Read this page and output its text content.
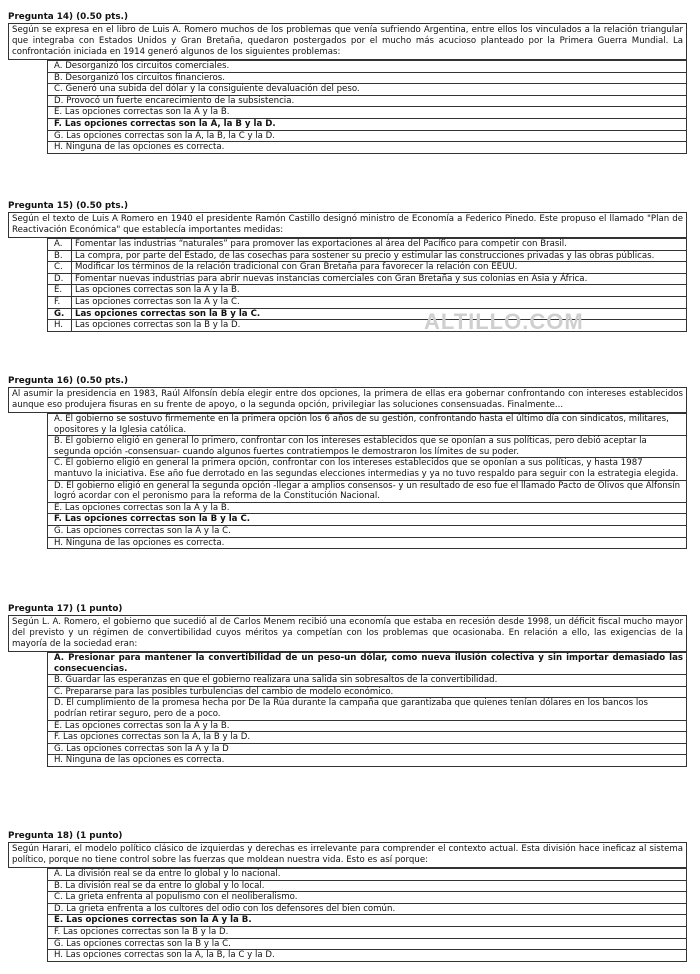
Pregunta 14) (0.50 pts.)

Según se expresa en el libro de Luis A. Romero muchos de los problemas que venía sufriendo Argentina, entre ellos los vinculados a la relación triangular que integraba con Estados Unidos y Gran Bretaña, quedaron postergados por el mucho más acucioso planteado por la Primera Guerra Mundial. La confrontación iniciada en 1914 generó algunos de los siguientes problemas:

A. Desorganizó los circuitos comerciales.
B. Desorganizó los circuitos financieros.
C. Generó una subida del dólar y la consiguiente devaluación del peso.
D. Provocó un fuerte encarecimiento de la subsistencia.
E. Las opciones correctas son la A y la B.
F. Las opciones correctas son la A, la B y la D.
G. Las opciones correctas son la A, la B, la C y la D.
H. Ninguna de las opciones es correcta.
Pregunta 15) (0.50 pts.)

Según el texto de Luis A Romero en 1940 el presidente Ramón Castillo designó ministro de Economía a Federico Pinedo. Este propuso el llamado "Plan de Reactivación Económica" que establecía importantes medidas:

A.	Fomentar las industrias “naturales” para promover las exportaciones al área del Pacífico para competir con Brasil.
B.	La compra, por parte del Estado, de las cosechas para sostener su precio y estimular las construcciones privadas y las obras públicas.
C.	Modificar los términos de la relación tradicional con Gran Bretaña para favorecer la relación con EEUU.
D.	Fomentar nuevas industrias para abrir nuevas instancias comerciales con Gran Bretaña y sus colonias en Asia y África.
E.	Las opciones correctas son la A y la B.
F.	Las opciones correctas son la A y la C.
G.	Las opciones correctas son la B y la C.
H.	Las opciones correctas son la B y la D.	ALTILLO.COM
Pregunta 16) (0.50 pts.)

Al asumir la presidencia en 1983, Raúl Alfonsín debía elegir entre dos opciones, la primera de ellas era gobernar confrontando con intereses establecidos aunque eso produjera fisuras en su frente de apoyo, o la segunda opción, privilegiar las soluciones consensuadas. Finalmente...

A. El gobierno se sostuvo firmemente en la primera opción los 6 años de su gestión, confrontando hasta el último día con sindicatos, militares, opositores y la Iglesia católica.
B. El gobierno eligió en general lo primero, confrontar con los intereses establecidos que se oponían a sus políticas, pero debió aceptar la segunda opción -consensuar- cuando algunos fuertes contratiempos le demostraron los límites de su poder.
C. El gobierno eligió en general la primera opción, confrontar con los intereses establecidos que se oponían a sus políticas, y hasta 1987 mantuvo la iniciativa. Ese año fue derrotado en las segundas elecciones intermedias y ya no tuvo respaldo para seguir con la estrategia elegida.
D. El gobierno eligió en general la segunda opción -llegar a amplios consensos- y un resultado de eso fue el llamado Pacto de Olivos que Alfonsín logró acordar con el peronismo para la reforma de la Constitución Nacional.
E. Las opciones correctas son la A y la B.
F. Las opciones correctas son la B y la C.
G. Las opciones correctas son la A y la C.
H. Ninguna de las opciones es correcta.
Pregunta 17) (1 punto)

Según L. A. Romero, el gobierno que sucedió al de Carlos Menem recibió una economía que estaba en recesión desde 1998, un déficit fiscal mucho mayor del previsto y un régimen de convertibilidad cuyos méritos ya competían con los problemas que ocasionaba. En relación a ello, las exigencias de la mayoría de la sociedad eran:

A. Presionar para mantener la convertibilidad de un peso-un dólar, como nueva ilusión colectiva y sin importar demasiado las consecuencias.
B. Guardar las esperanzas en que el gobierno realizara una salida sin sobresaltos de la convertibilidad.
C. Prepararse para las posibles turbulencias del cambio de modelo económico.
D. El cumplimiento de la promesa hecha por De la Rúa durante la campaña que garantizaba que quienes tenían dólares en los bancos los podrían retirar seguro, pero de a poco.
E. Las opciones correctas son la A y la B.
F. Las opciones correctas son la A, la B y la D.
G. Las opciones correctas son la A y la D
H. Ninguna de las opciones es correcta.
Pregunta 18) (1 punto)

Según Harari, el modelo político clásico de izquierdas y derechas es irrelevante para comprender el contexto actual. Esta división hace ineficaz al sistema político, porque no tiene control sobre las fuerzas que moldean nuestra vida. Esto es así porque:

A. La división real se da entre lo global y lo nacional.
B. La división real se da entre lo global y lo local.
C. La grieta enfrenta al populismo con el neoliberalismo.
D. La grieta enfrenta a los cultores del odio con los defensores del bien común.
E. Las opciones correctas son la A y la B.
F. Las opciones correctas son la B y la D.
G. Las opciones correctas son la B y la C.
H. Las opciones correctas son la A, la B, la C y la D.
